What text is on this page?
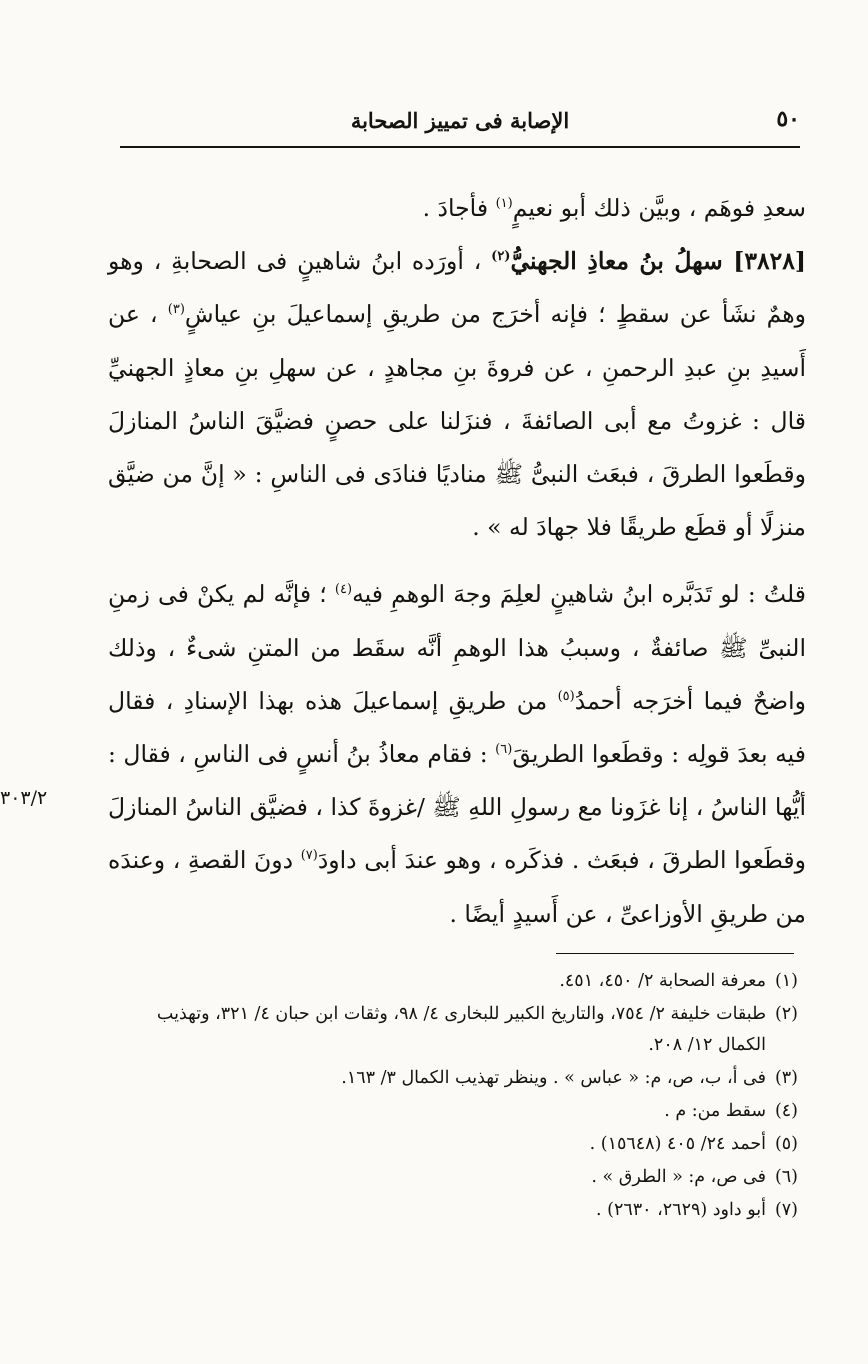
٥٠
الإصابة فى تمييز الصحابة
٣٠٣/٢

سعدِ فوهَم ، وبيَّن ذلك أبو نعيمٍ$^{(١)}$ فأجادَ .

[٣٨٢٨] سهلُ بنُ معاذِ الجهنيُّ$^{(٢)}$ ، أورَده ابنُ شاهينٍ فى الصحابةِ ، وهو وهمٌ نشَأ عن سقطٍ ؛ فإنه أخرَج من طريقِ إسماعيلَ بنِ عياشٍ$^{(٣)}$ ، عن أَسيدِ بنِ عبدِ الرحمنِ ، عن فروةَ بنِ مجاهدٍ ، عن سهلِ بنِ معاذٍ الجهنيِّ قال : غزوتُ مع أبى الصائفةَ ، فنزَلنا على حصنٍ فضيَّقَ الناسُ المنازلَ وقطَعوا الطرقَ ، فبعَث النبىُّ ﷺ مناديًا فنادَى فى الناسِ : « إنَّ من ضيَّق منزلًا أو قطَع طريقًا فلا جهادَ له » .

قلتُ : لو تَدَبَّره ابنُ شاهينٍ لعلِمَ وجهَ الوهمِ فيه$^{(٤)}$ ؛ فإنَّه لم يكنْ فى زمنِ النبىِّ ﷺ صائفةٌ ، وسببُ هذا الوهمِ أنَّه سقَط من المتنِ شىءٌ ، وذلك واضحٌ فيما أخرَجه أحمدُ$^{(٥)}$ من طريقِ إسماعيلَ هذه بهذا الإسنادِ ، فقال فيه بعدَ قولِه : وقطَعوا الطريقَ$^{(٦)}$ : فقام معاذُ بنُ أنسٍ فى الناسِ ، فقال : أيُّها الناسُ ، إنا غزَونا مع رسولِ اللهِ ﷺ /غزوةَ كذا ، فضيَّق الناسُ المنازلَ وقطَعوا الطرقَ ، فبعَث . فذكَره ، وهو عندَ أبى داودَ$^{(٧)}$ دونَ القصةِ ، وعندَه من طريقِ الأوزاعىِّ ، عن أَسيدٍ أيضًا .

(١)معرفة الصحابة ٢/ ٤٥٠، ٤٥١.

(٢)طبقات خليفة ٢/ ٧٥٤، والتاريخ الكبير للبخارى ٤/ ٩٨، وثقات ابن حبان ٤/ ٣٢١، وتهذيب الكمال ١٢/ ٢٠٨.

(٣)فى أ، ب، ص، م: « عباس » . وينظر تهذيب الكمال ٣/ ١٦٣.

(٤)سقط من: م .

(٥)أحمد ٢٤/ ٤٠٥ (١٥٦٤٨) .

(٦)فى ص، م: « الطرق » .

(٧)أبو داود (٢٦٢٩، ٢٦٣٠) .
